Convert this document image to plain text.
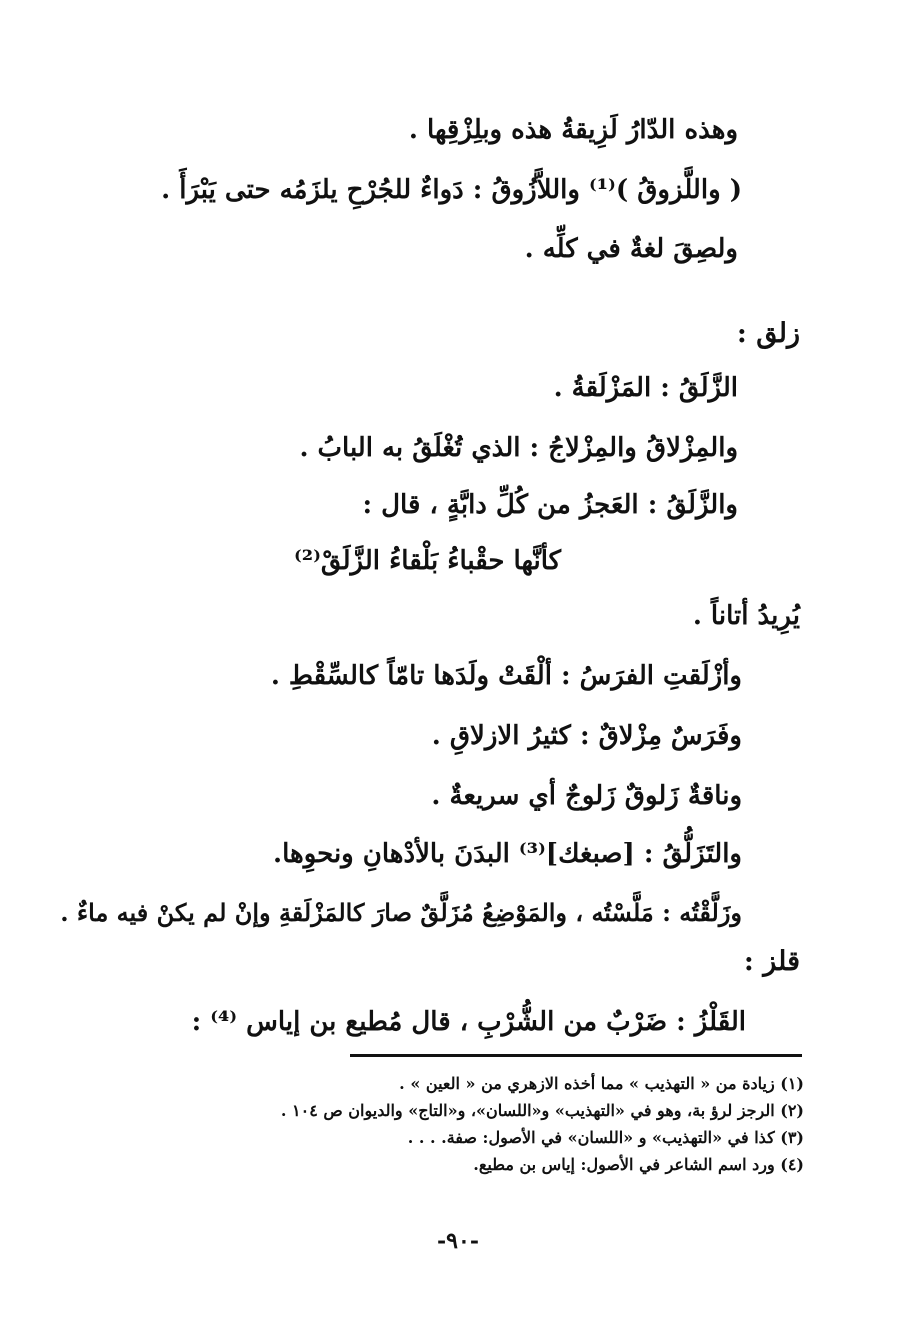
وهذه الدّارُ لَزِيقةُ هذه وبلِزْقِها .
( واللَّزوقُ )⁽¹⁾ واللاَّزُوقُ : دَواءٌ للجُرْحِ يلزَمُه حتى يَبْرَأَ .
ولصِقَ لغةٌ في كلِّه .
زلق :
الزَّلَقُ : المَزْلَقةُ .
والمِزْلاقُ والمِزْلاجُ : الذي تُغْلَقُ به البابُ .
والزَّلَقُ : العَجزُ من كُلِّ دابَّةٍ ، قال :
كأنَّها حقْباءُ بَلْقاءُ الزَّلَقْ⁽²⁾
يُرِيدُ أتاناً .
وأزْلَقتِ الفرَسُ : ألْقَتْ ولَدَها تامّاً كالسِّقْطِ .
وفَرَسٌ مِزْلاقٌ : كثيرُ الازلاقِ .
وناقةٌ زَلوقٌ زَلوجٌ أي سريعةٌ .
والتَزَلُّقُ : [صبغك]⁽³⁾ البدَنَ بالأدْهانِ ونحوِها.
وزَلَّقْتُه : مَلَّسْتُه ، والمَوْضِعُ مُزَلَّقٌ صارَ كالمَزْلَقةِ وإنْ لم يكنْ فيه ماءٌ .
قلز :
القَلْزُ : ضَرْبٌ من الشُّرْبِ ، قال مُطيع بن إياس ⁽⁴⁾ :
(١) زيادة من « التهذيب » مما أخذه الازهري من « العين » .
(٢) الرجز لرؤ بة، وهو في «التهذيب» و«اللسان»، و«التاج» والديوان ص ١٠٤ .
(٣) كذا في «التهذيب» و «اللسان» في الأصول: صفة. . . .
(٤) ورد اسم الشاعر في الأصول: إياس بن مطيع.
-٩٠-
